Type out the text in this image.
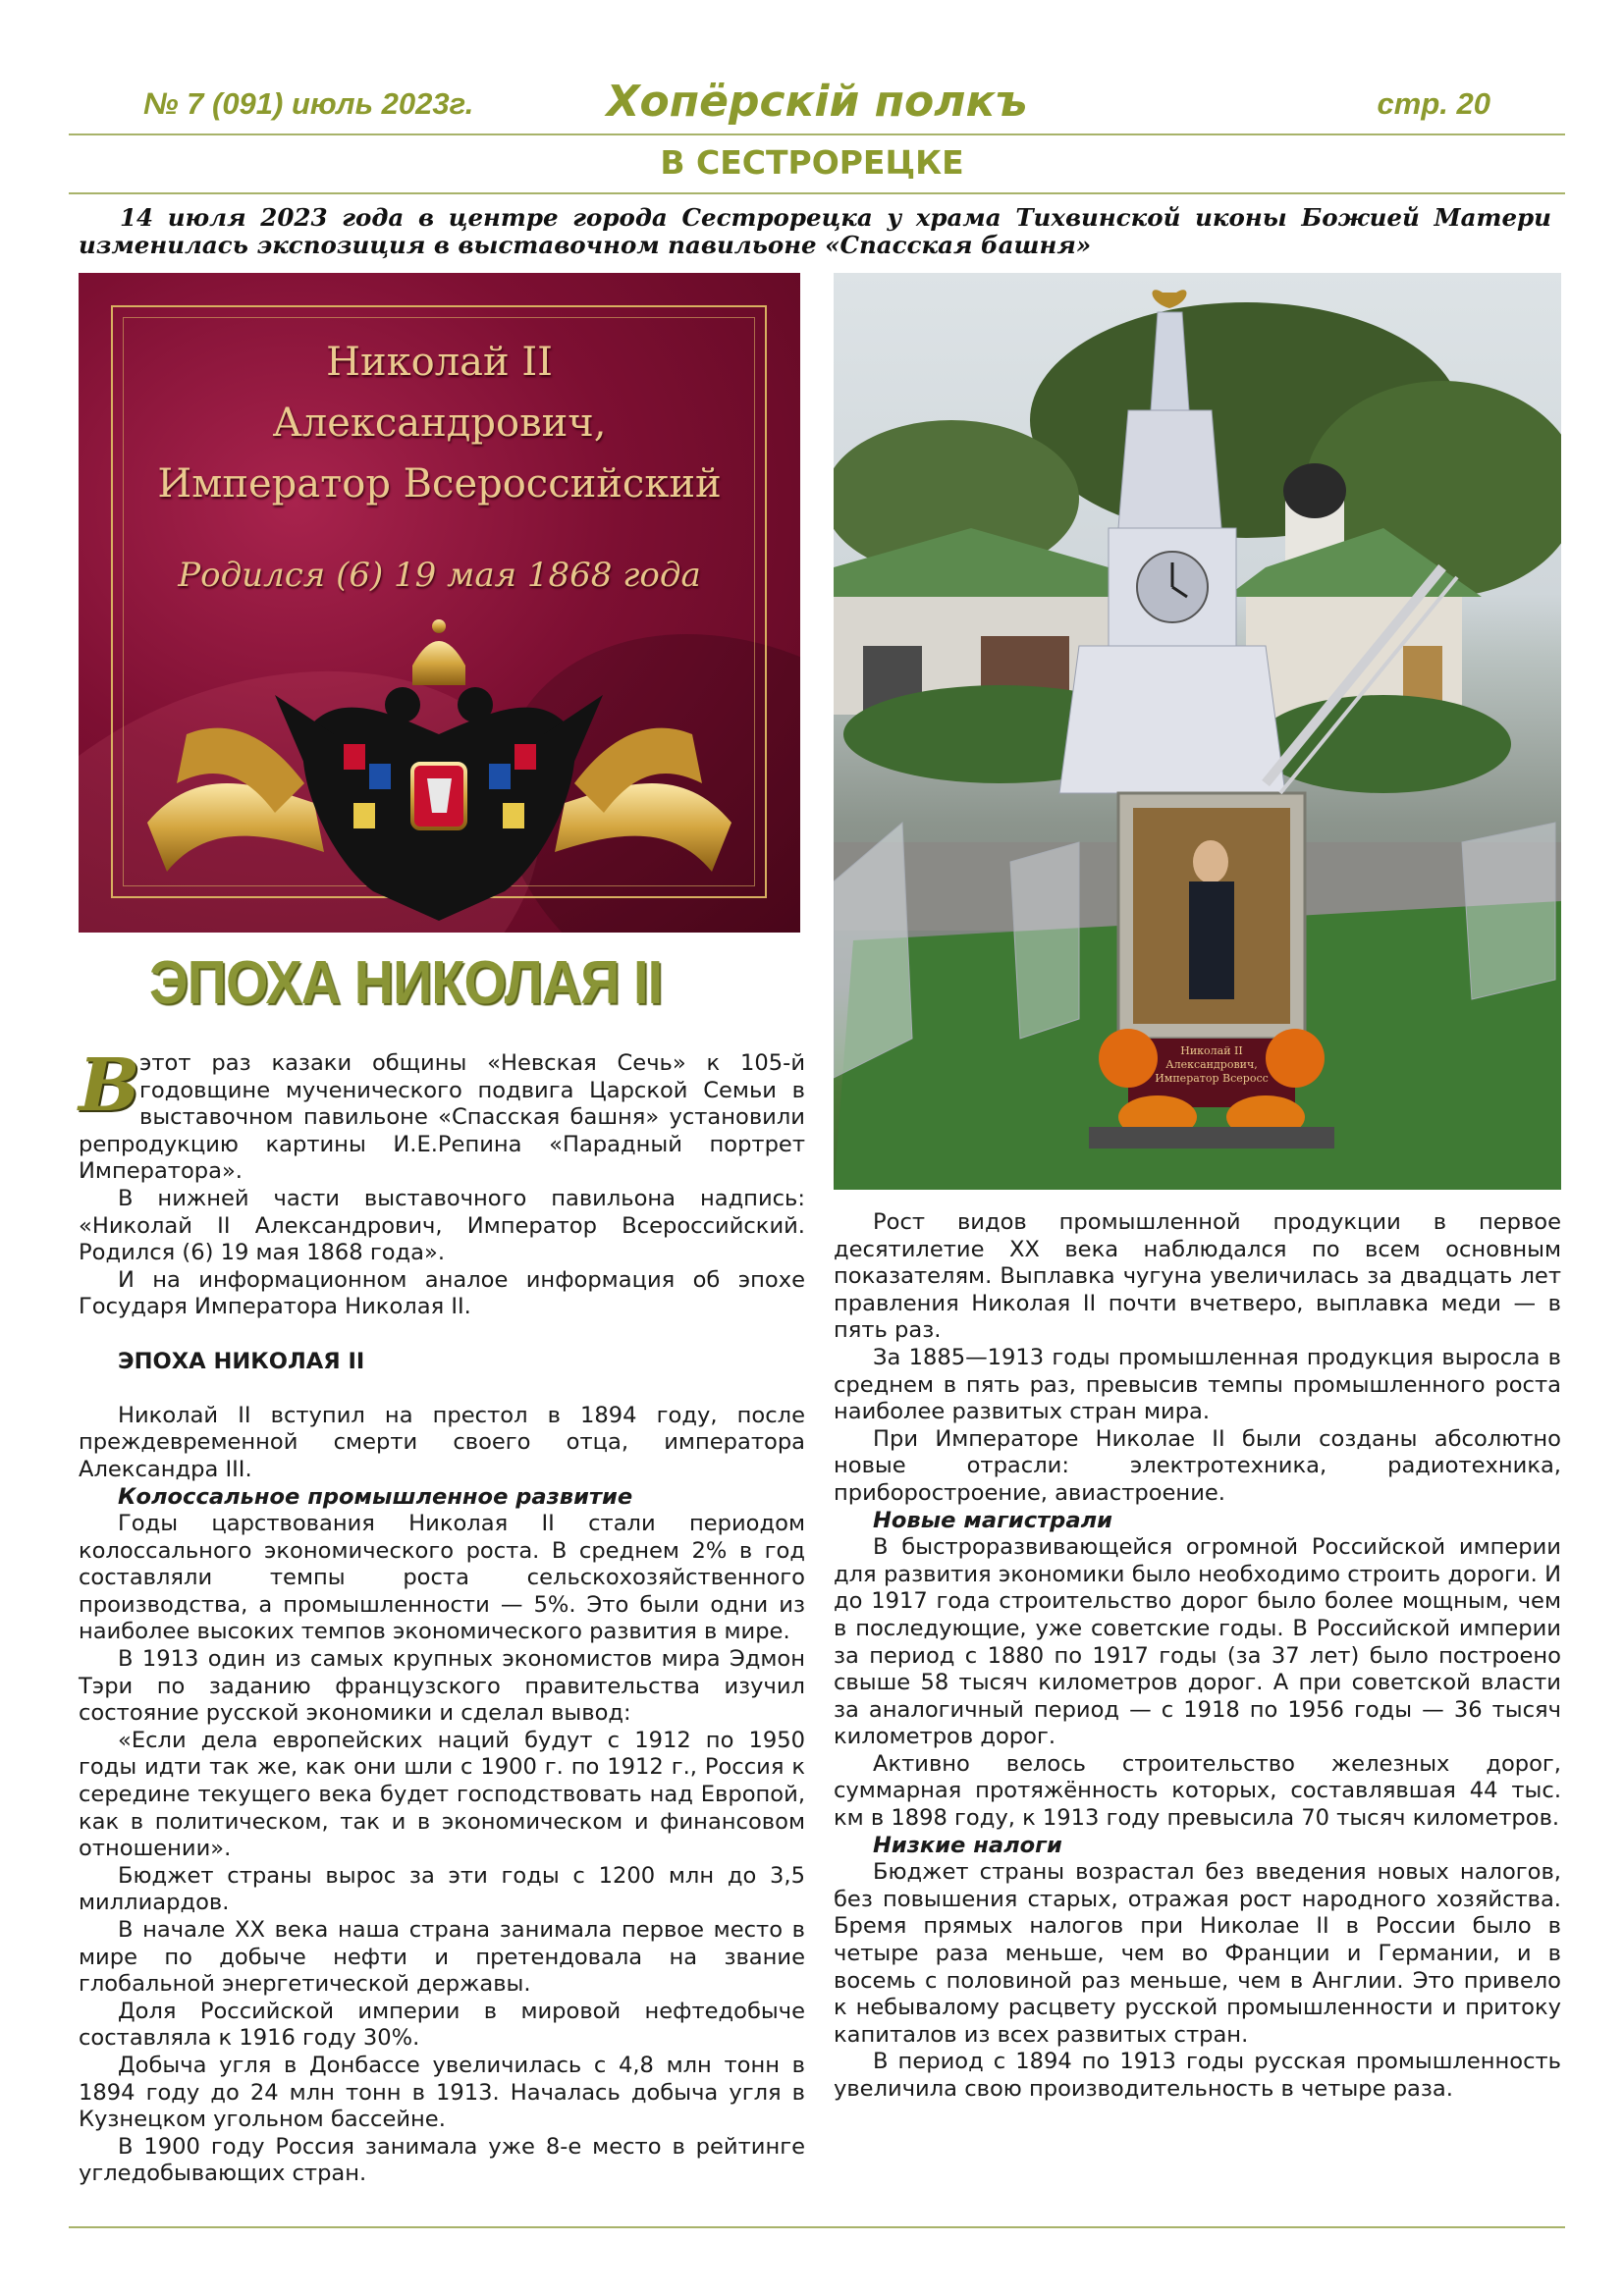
№ 7 (091) июль 2023г.	Хопёрскій полкъ	стр. 20
В СЕСТРОРЕЦКЕ

14 июля 2023 года в центре города Сестрорецка у храма Тихвинской иконы Божией Матери изменилась экспозиция в выставочном павильоне «Спасская башня»

Николай II
Александрович,
Император Всероссийский
Родился (6) 19 мая 1868 года
ЭПОХА НИКОЛАЯ II
Николай II
Александрович,
Император Всеросс

Вэтот раз казаки общины «Невская Сечь» к 105-й годовщине мученического подвига Царской Семьи в выставочном павильоне «Спасская башня» установили репродукцию картины И.Е.Репина «Парадный портрет Императора».

В нижней части выставочного павильона надпись: «Николай II Александрович, Император Всероссийский. Родился (6) 19 мая 1868 года».

И на информационном аналое информация об эпохе Государя Императора Николая II.

ЭПОХА НИКОЛАЯ II

Николай II вступил на престол в 1894 году, после преждевременной смерти своего отца, императора Александра III.

Колоссальное промышленное развитие

Годы царствования Николая II стали периодом колоссального экономического роста. В среднем 2% в год составляли темпы роста сельскохозяйственного производства, а промышленности — 5%. Это были одни из наиболее высоких темпов экономического развития в мире.

В 1913 один из самых крупных экономистов мира Эдмон Тэри по заданию французского правительства изучил состояние русской экономики и сделал вывод:

«Если дела европейских наций будут с 1912 по 1950 годы идти так же, как они шли с 1900 г. по 1912 г., Россия к середине текущего века будет господствовать над Европой, как в политическом, так и в экономическом и финансовом отношении».

Бюджет страны вырос за эти годы с 1200 млн до 3,5 миллиардов.

В начале XX века наша страна занимала первое место в мире по добыче нефти и претендовала на звание глобальной энергетической державы.

Доля Российской империи в мировой нефтедобыче составляла к 1916 году 30%.

Добыча угля в Донбассе увеличилась с 4,8 млн тонн в 1894 году до 24 млн тонн в 1913. Началась добыча угля в Кузнецком угольном бассейне.

В 1900 году Россия занимала уже 8-е место в рейтинге угледобывающих стран.

Рост видов промышленной продукции в первое десятилетие XX века наблюдался по всем основным показателям. Выплавка чугуна увеличилась за двадцать лет правления Николая II почти вчетверо, выплавка меди — в пять раз.

За 1885—1913 годы промышленная продукция выросла в среднем в пять раз, превысив темпы промышленного роста наиболее развитых стран мира.

При Императоре Николае II были созданы абсолютно новые отрасли: электротехника, радиотехника, приборостроение, авиастроение.

Новые магистрали

В быстроразвивающейся огромной Российской империи для развития экономики было необходимо строить дороги. И до 1917 года строительство дорог было более мощным, чем в последующие, уже советские годы. В Российской империи за период с 1880 по 1917 годы (за 37 лет) было построено свыше 58 тысяч километров дорог. А при советской власти за аналогичный период — с 1918 по 1956 годы — 36 тысяч километров дорог.

Активно велось строительство железных дорог, суммарная протяжённость которых, составлявшая 44 тыс. км в 1898 году, к 1913 году превысила 70 тысяч километров.

Низкие налоги

Бюджет страны возрастал без введения новых налогов, без повышения старых, отражая рост народного хозяйства. Бремя прямых налогов при Николае II в России было в четыре раза меньше, чем во Франции и Германии, и в восемь с половиной раз меньше, чем в Англии. Это привело к небывалому расцвету русской промышленности и притоку капиталов из всех развитых стран.

В период с 1894 по 1913 годы русская промышленность увеличила свою производительность в четыре раза.
